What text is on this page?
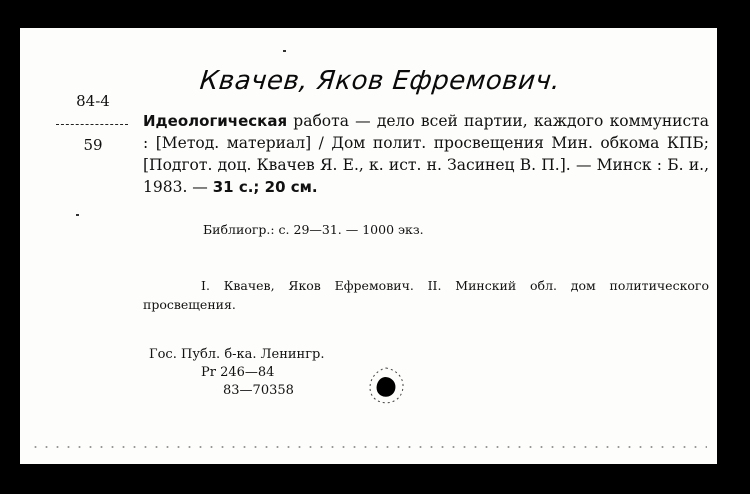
Квачев, Яков Ефремович.
84-4
59
Идеологическая работа — дело всей партии, каждого коммуниста : [Метод. материал] / Дом полит. просвещения Мин. обкома КПБ; [Подгот. доц. Квачев Я. Е., к. ист. н. Засинец В. П.]. — Минск : Б. и., 1983. — 31 с.; 20 см.
Библиогр.: с. 29—31. — 1000 экз.
I. Квачев, Яков Ефремович. II. Минский обл. дом политического просвещения.
Гос. Публ. б-ка. Ленингр.
Pr 246—84
83—70358
